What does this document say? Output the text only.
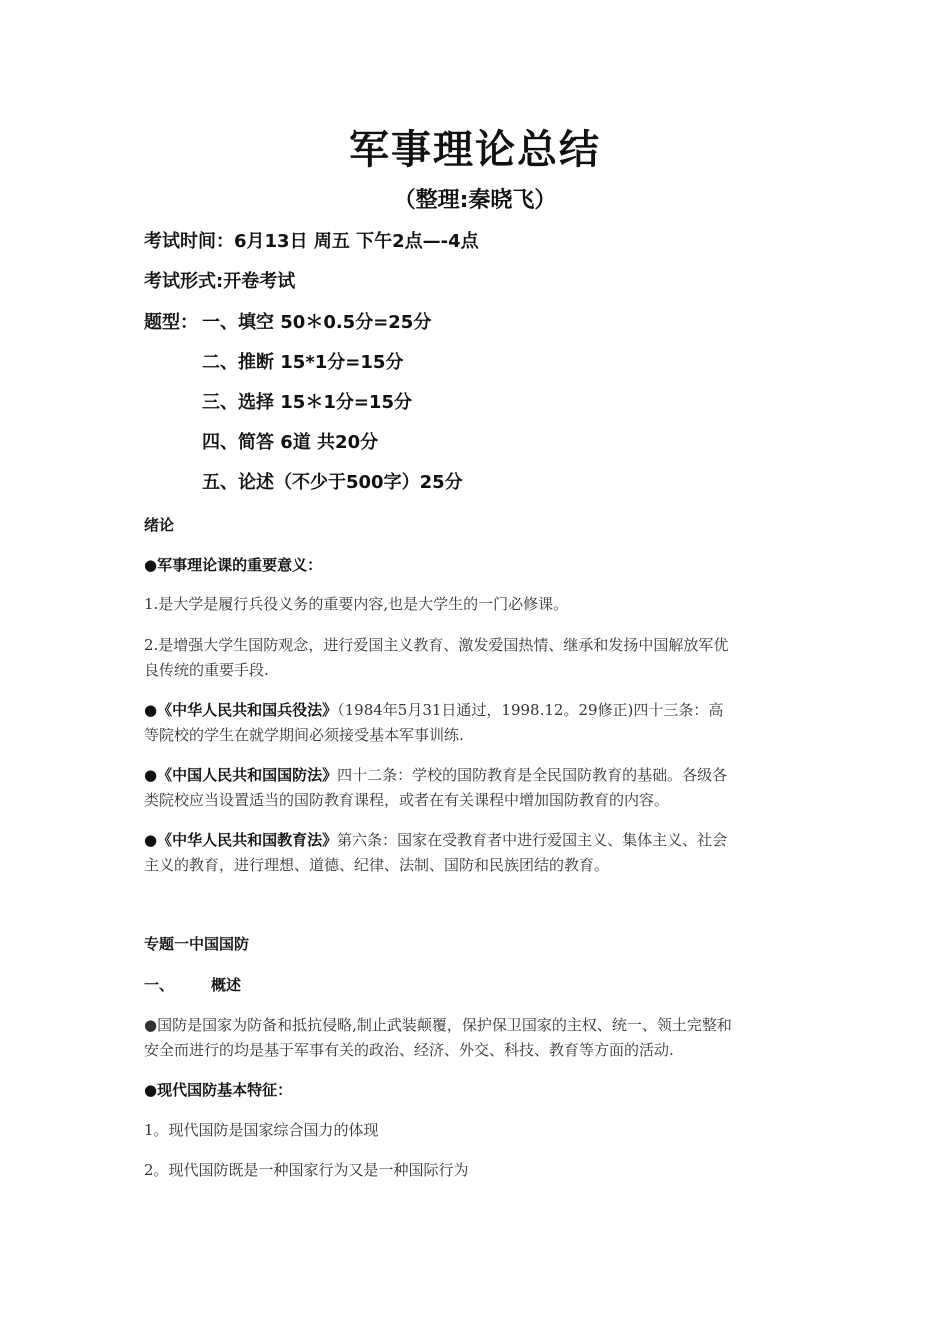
军事理论总结
（整理:秦晓飞）
考试时间：6月13日 周五 下午2点—-4点
考试形式:开卷考试
题型： 一、填空 50＊0.5分=25分
二、推断 15*1分=15分
三、选择 15＊1分=15分
四、简答 6道 共20分
五、论述（不少于500字）25分
绪论
●军事理论课的重要意义：
1.是大学是履行兵役义务的重要内容,也是大学生的一门必修课。
2.是增强大学生国防观念，进行爱国主义教育、激发爱国热情、继承和发扬中国解放军优
良传统的重要手段.
●《中华人民共和国兵役法》（1984年5月31日通过，1998.12。29修正)四十三条：高
等院校的学生在就学期间必须接受基本军事训练.
●《中国人民共和国国防法》四十二条：学校的国防教育是全民国防教育的基础。各级各
类院校应当设置适当的国防教育课程，或者在有关课程中增加国防教育的内容。
●《中华人民共和国教育法》第六条：国家在受教育者中进行爱国主义、集体主义、社会
主义的教育，进行理想、道德、纪律、法制、国防和民族团结的教育。
专题一中国国防
一、 概述
●国防是国家为防备和抵抗侵略,制止武装颠覆，保护保卫国家的主权、统一、领土完整和
安全而进行的均是基于军事有关的政治、经济、外交、科技、教育等方面的活动.
●现代国防基本特征：
1。现代国防是国家综合国力的体现
2。现代国防既是一种国家行为又是一种国际行为
